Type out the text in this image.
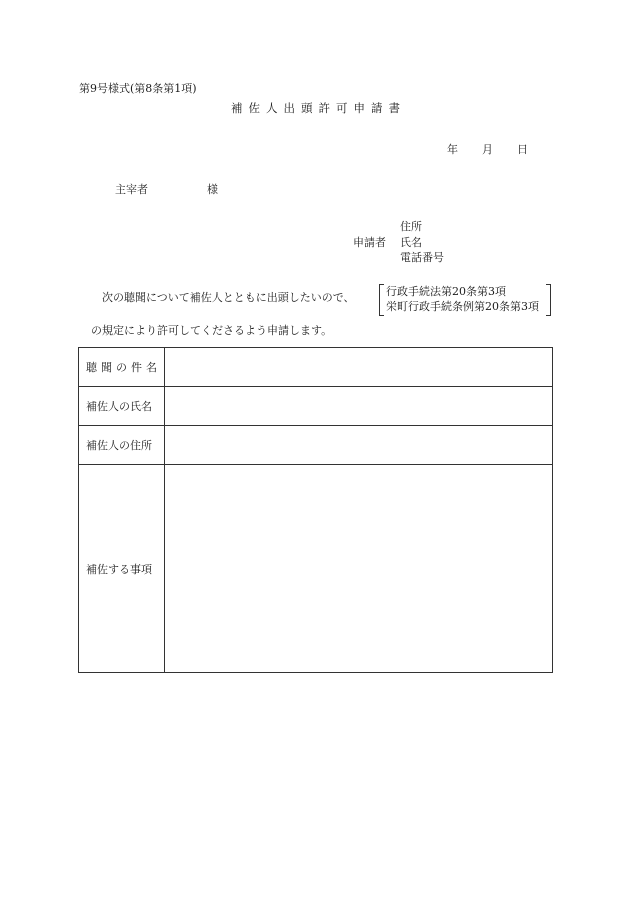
第9号様式(第8条第1項)
補佐人出頭許可申請書
年 月 日
主宰者	様
申請者
住所
氏名
電話番号
次の聴聞について補佐人とともに出頭したいので、	行政手続法第20条第3項
栄町行政手続条例第20条第3項
の規定により許可してくださるよう申請します。
聴聞の件名	
補佐人の氏名	
補佐人の住所	
補佐する事項	
